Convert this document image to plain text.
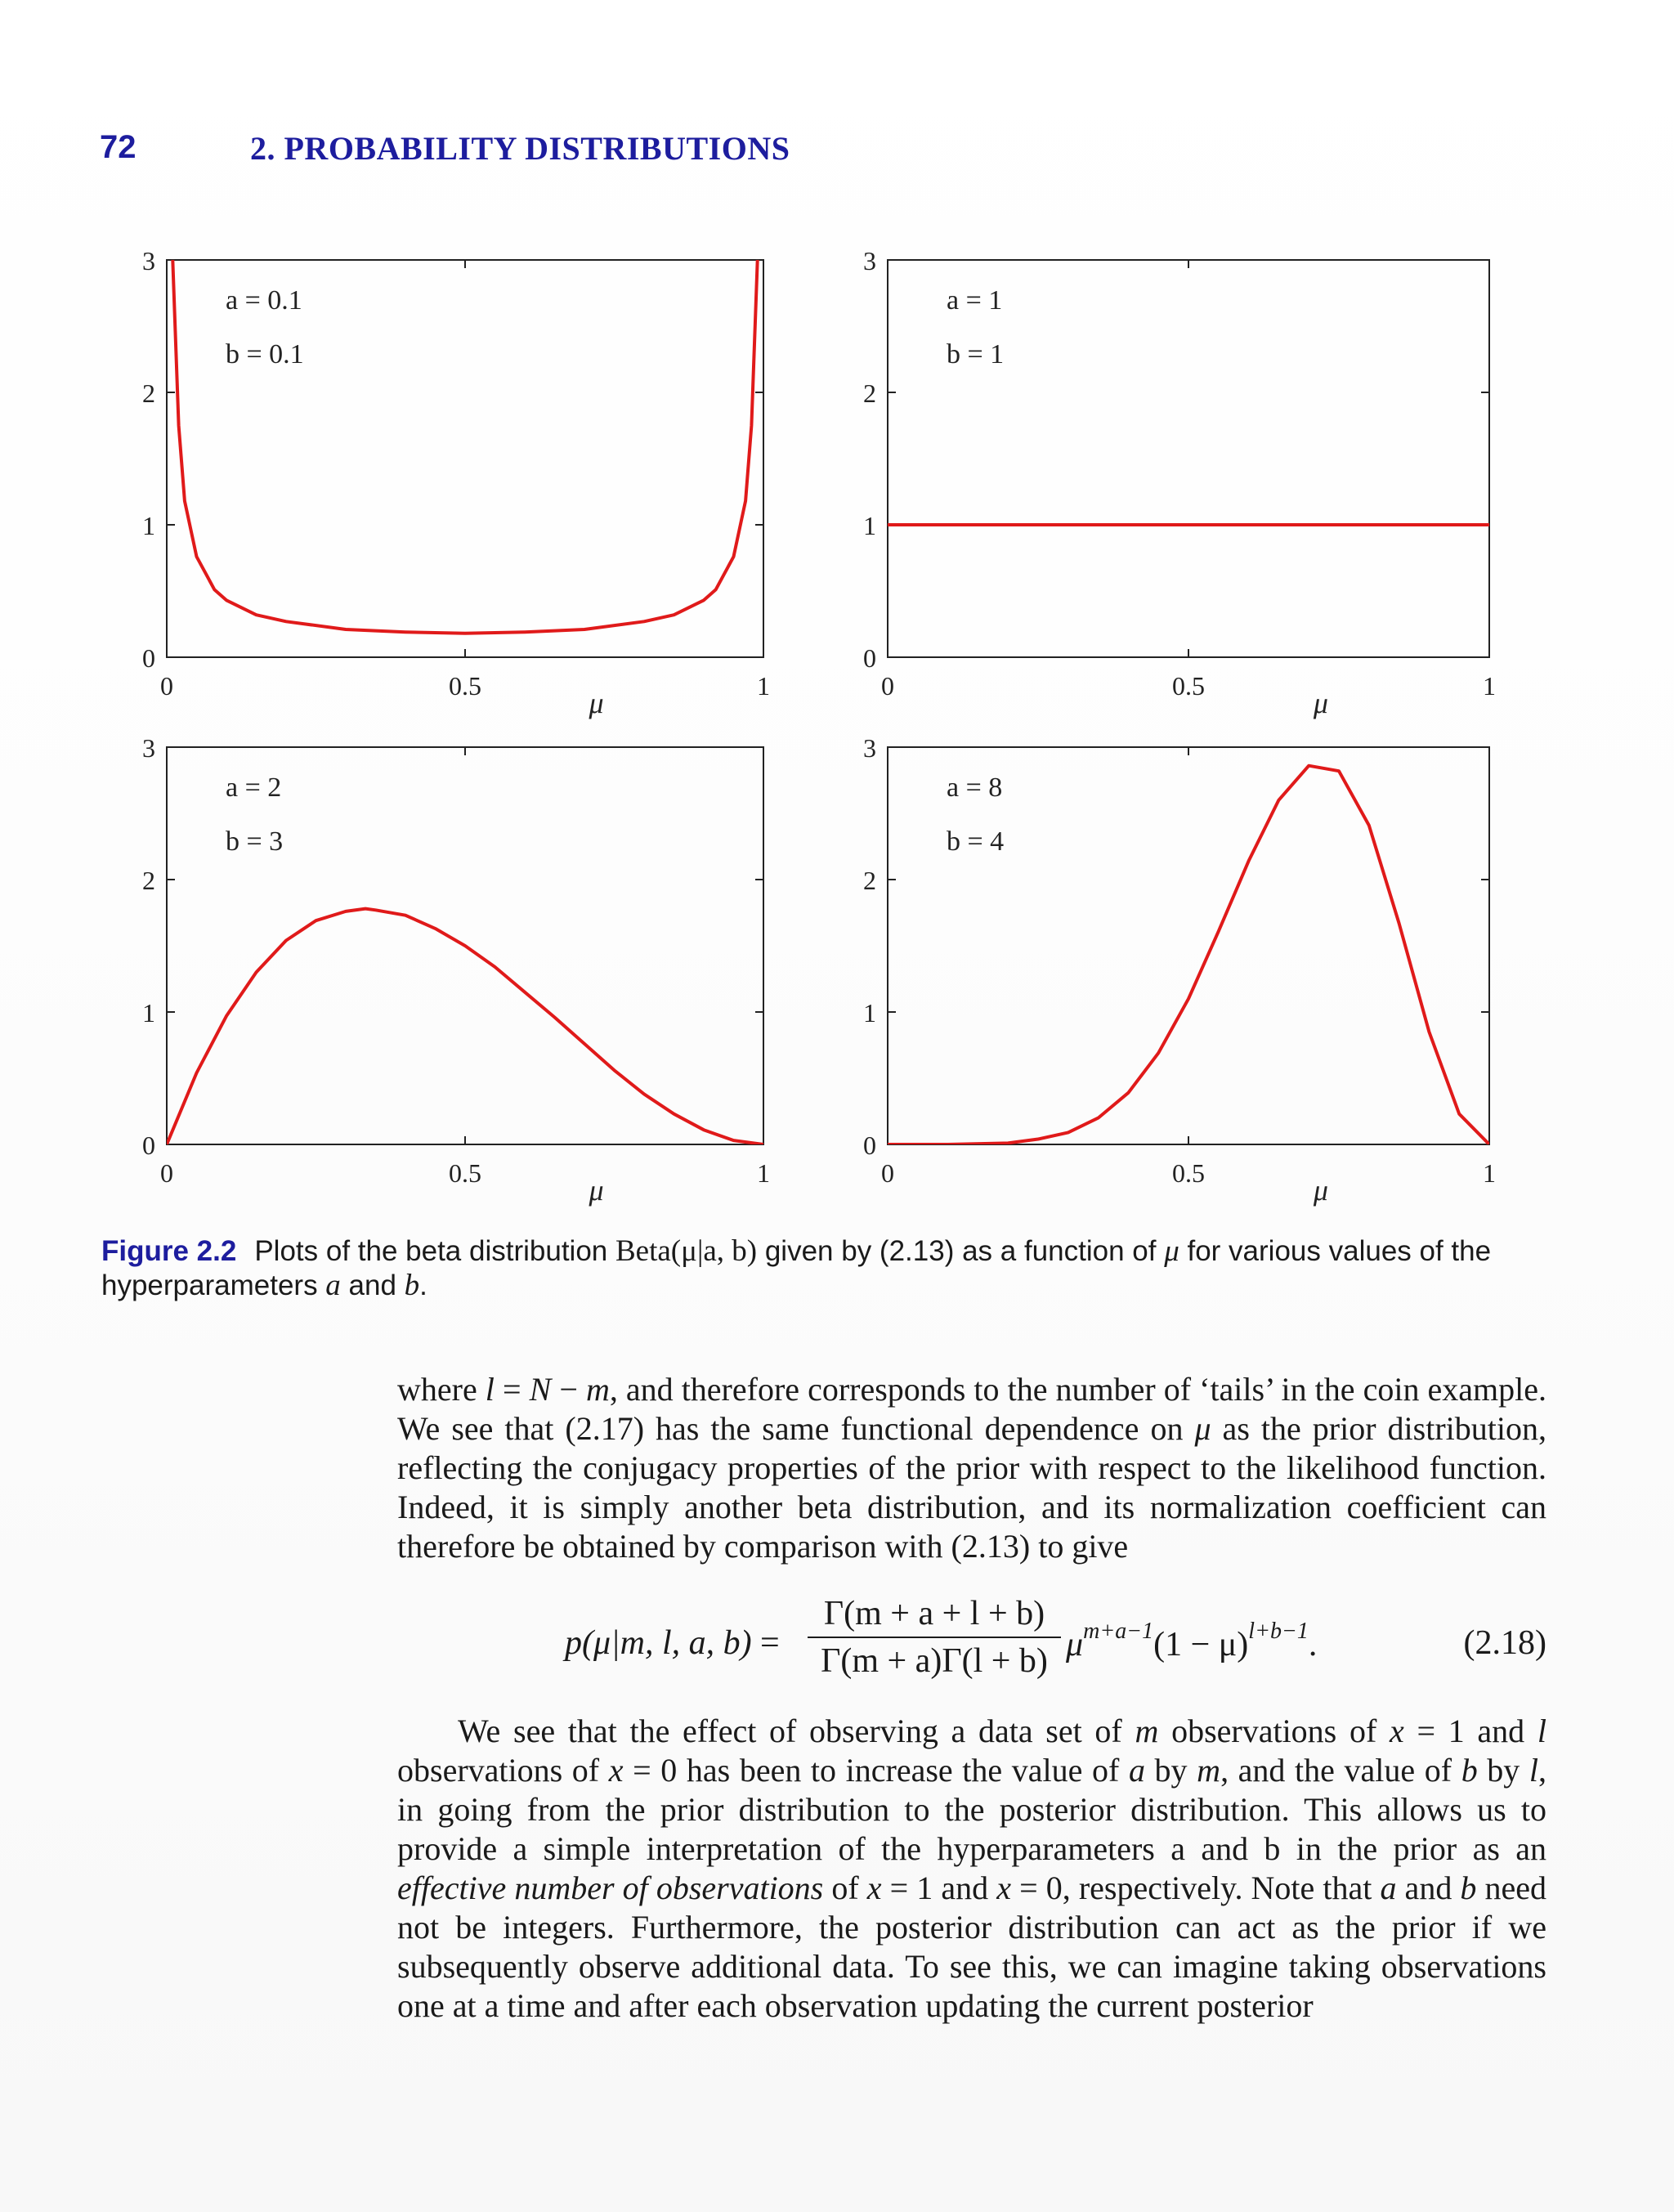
72	2. PROBABILITY DISTRIBUTIONS
0	0.5	1
0
1
2
3
μ
a = 0.1
b = 0.1
0	0.5	1
0
1
2
3
μ
a = 1
b = 1
0	0.5	1
0
1
2
3
μ
a = 2
b = 3
0	0.5	1
0
1
2
3
μ
a = 8
b = 4
Figure 2.2 Plots of the beta distribution Beta(μ|a, b) given by (2.13) as a function of μ for various values of the hyperparameters a and b.
where l = N − m, and therefore corresponds to the number of ‘tails’ in the coin example. We see that (2.17) has the same functional dependence on μ as the prior distribution, reflecting the conjugacy properties of the prior with respect to the likelihood function. Indeed, it is simply another beta distribution, and its normalization coefficient can therefore be obtained by comparison with (2.13) to give
p(μ|m, l, a, b) =
Γ(m + a + l + b)
Γ(m + a)Γ(l + b) $\mu^{m+a-1}(1 - \mu)^{l+b-1}$.	(2.18)
We see that the effect of observing a data set of m observations of x = 1 and l observations of x = 0 has been to increase the value of a by m, and the value of b by l, in going from the prior distribution to the posterior distribution. This allows us to provide a simple interpretation of the hyperparameters a and b in the prior as an effective number of observations of x = 1 and x = 0, respectively. Note that a and b need not be integers. Furthermore, the posterior distribution can act as the prior if we subsequently observe additional data. To see this, we can imagine taking observations one at a time and after each observation updating the current posterior
